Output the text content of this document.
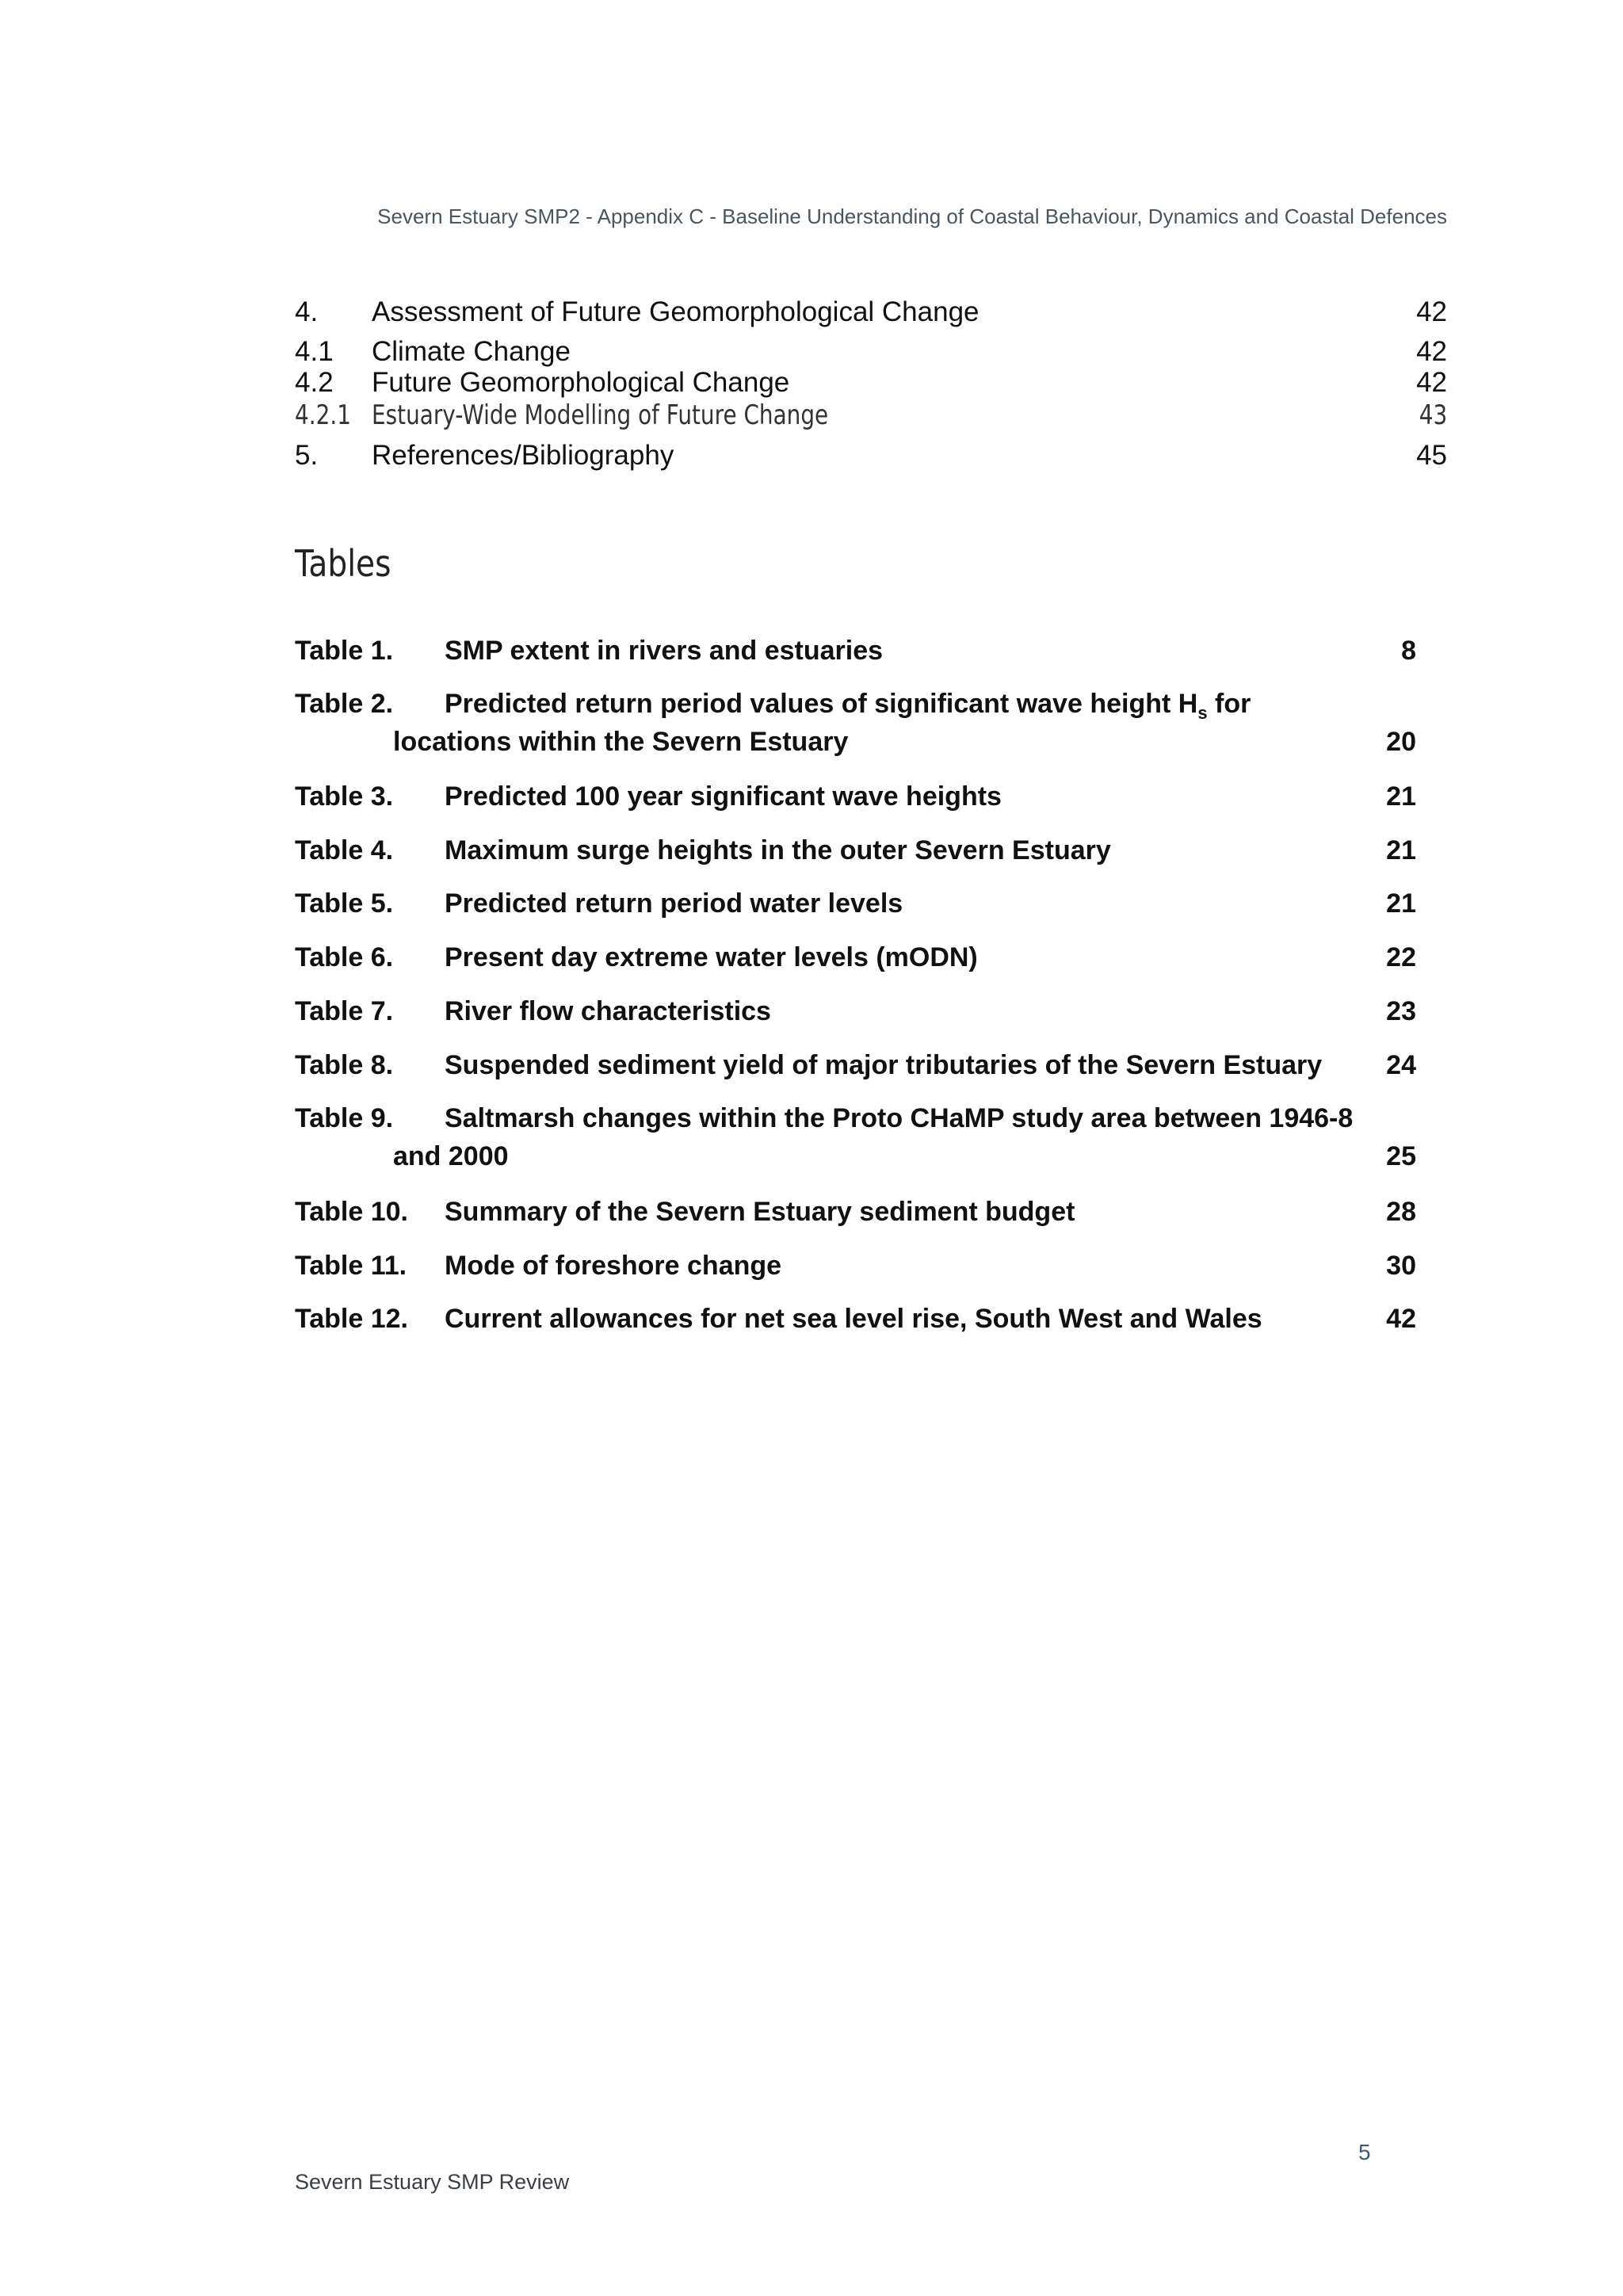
Severn Estuary SMP2 - Appendix C - Baseline Understanding of Coastal Behaviour, Dynamics and Coastal Defences
4. Assessment of Future Geomorphological Change	42
4.1 Climate Change	42
4.2 Future Geomorphological Change	42
4.2.1 Estuary-Wide Modelling of Future Change	43
5. References/Bibliography	45
Tables
Table 1. SMP extent in rivers and estuaries	8
Table 2. Predicted return period values of significant wave height $H_s$ for
locations within the Severn Estuary	20
Table 3. Predicted 100 year significant wave heights	21
Table 4. Maximum surge heights in the outer Severn Estuary	21
Table 5. Predicted return period water levels	21
Table 6. Present day extreme water levels (mODN)	22
Table 7. River flow characteristics	23
Table 8. Suspended sediment yield of major tributaries of the Severn Estuary 24
Table 9. Saltmarsh changes within the Proto CHaMP study area between 1946-8
and 2000	25
Table 10. Summary of the Severn Estuary sediment budget	28
Table 11. Mode of foreshore change	30
Table 12. Current allowances for net sea level rise, South West and Wales	42
5
Severn Estuary SMP Review
